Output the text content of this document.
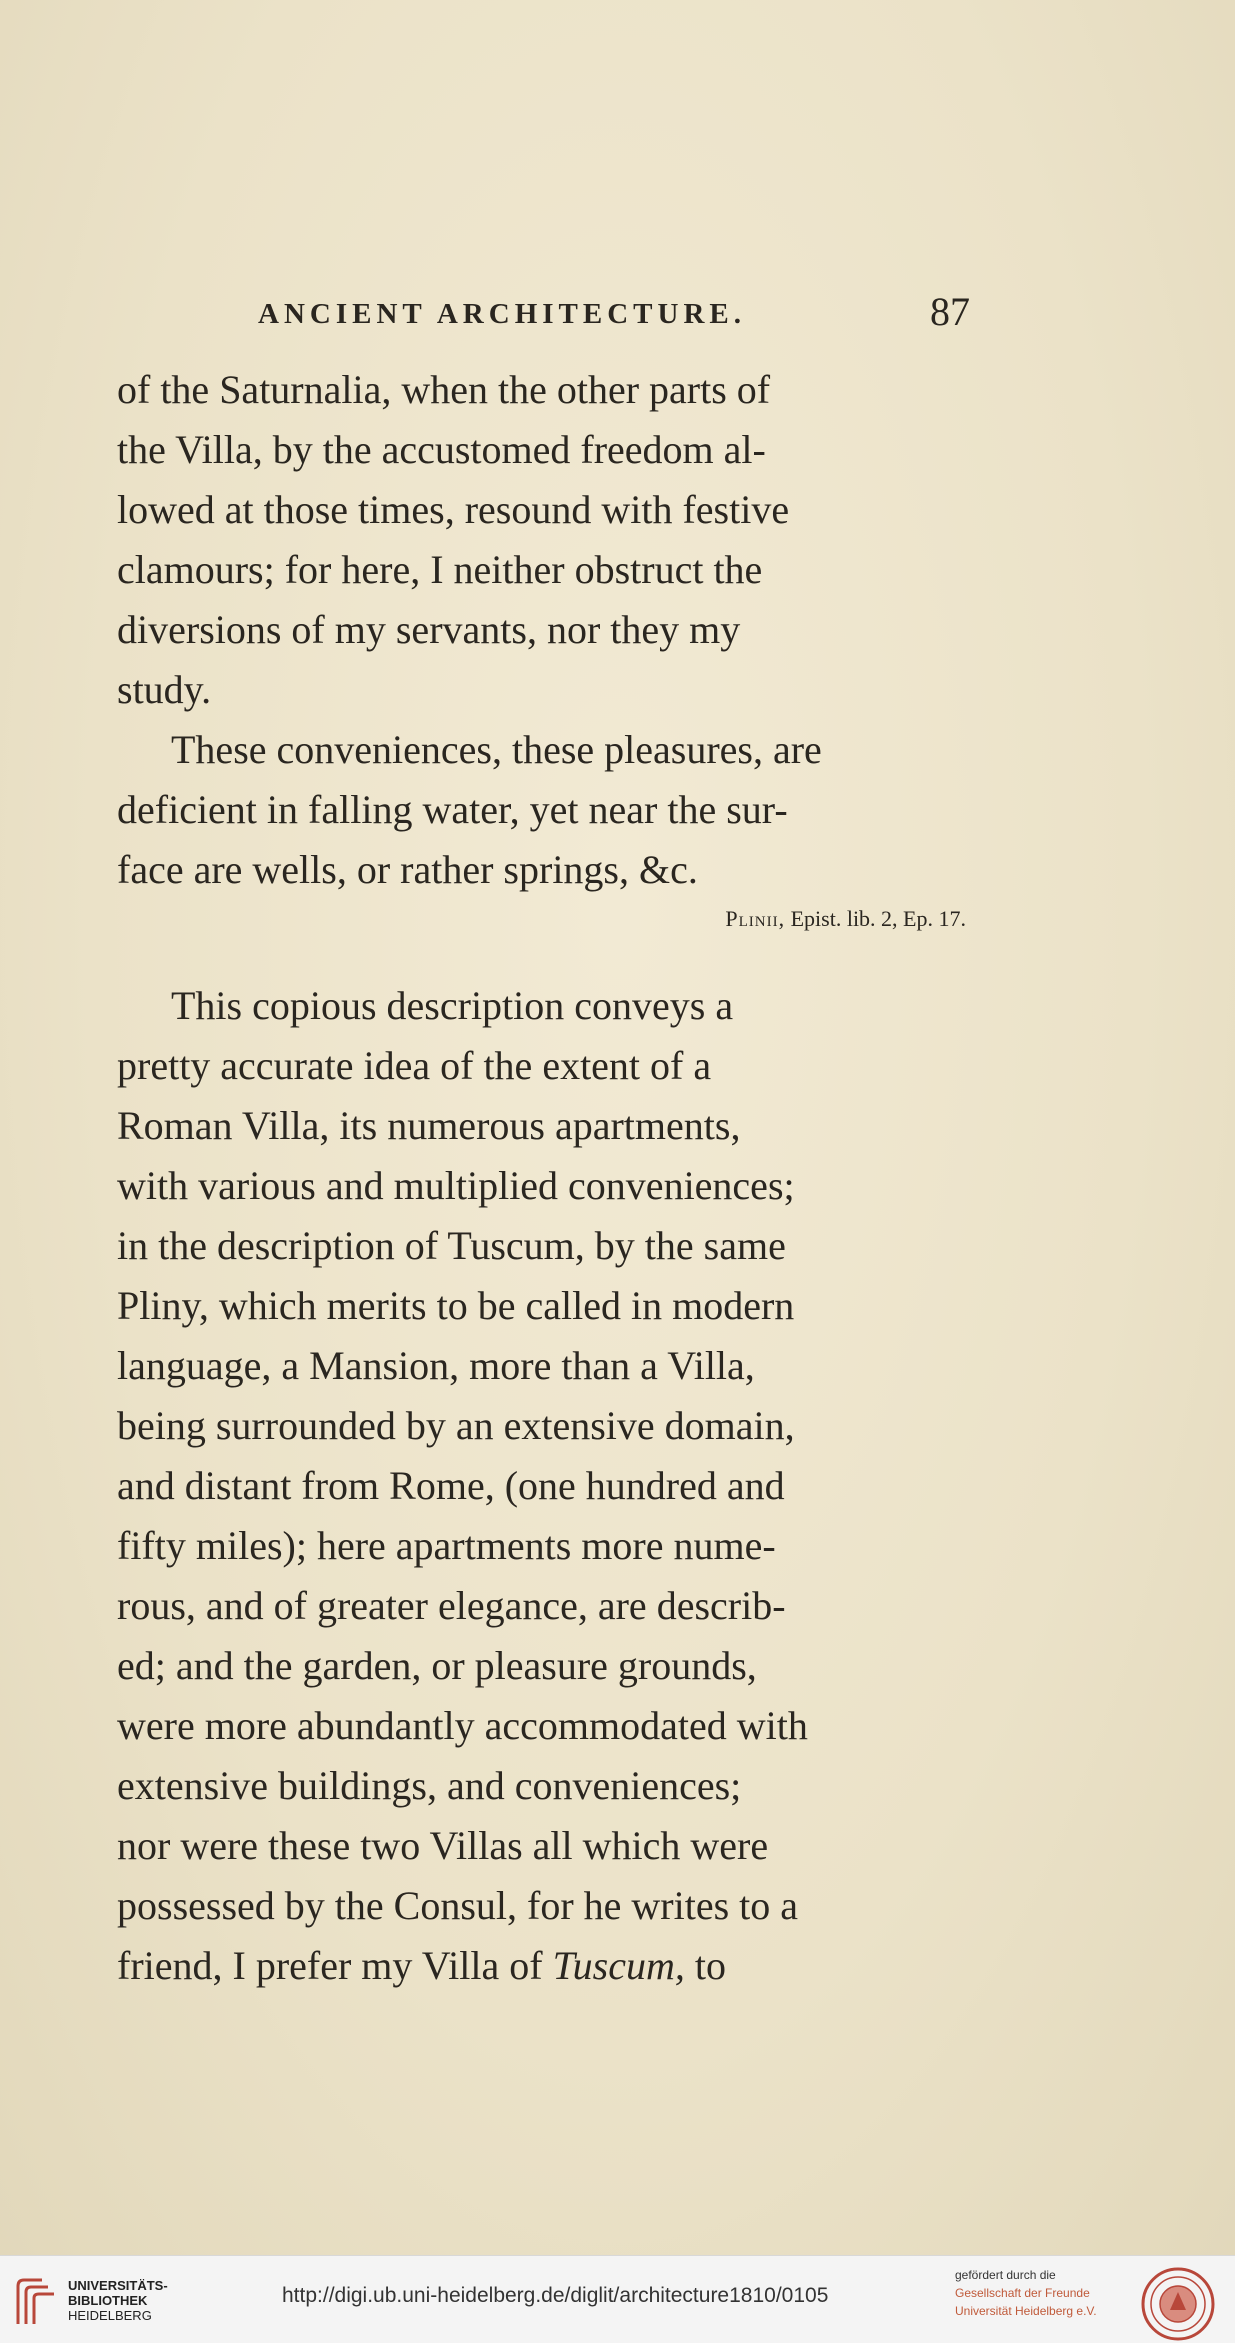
ANCIENT ARCHITECTURE.	87

of the Saturnalia, when the other parts of
the Villa, by the accustomed freedom al-
lowed at those times, resound with festive
clamours; for here, I neither obstruct the
diversions of my servants, nor they my
study.

These conveniences, these pleasures, are
deficient in falling water, yet near the sur-
face are wells, or rather springs, &c.

Plinii, Epist. lib. 2, Ep. 17.

This copious description conveys a
pretty accurate idea of the extent of a
Roman Villa, its numerous apartments,
with various and multiplied conveniences;
in the description of Tuscum, by the same
Pliny, which merits to be called in modern
language, a Mansion, more than a Villa,
being surrounded by an extensive domain,
and distant from Rome, (one hundred and
fifty miles); here apartments more nume-
rous, and of greater elegance, are describ-
ed; and the garden, or pleasure grounds,
were more abundantly accommodated with
extensive buildings, and conveniences;
nor were these two Villas all which were
possessed by the Consul, for he writes to a
friend, I prefer my Villa of Tuscum, to

UNIVERSITÄTS-
BIBLIOTHEK
HEIDELBERG
http://digi.ub.uni-heidelberg.de/diglit/architecture1810/0105
gefördert durch die
Gesellschaft der Freunde
Universität Heidelberg e.V.
